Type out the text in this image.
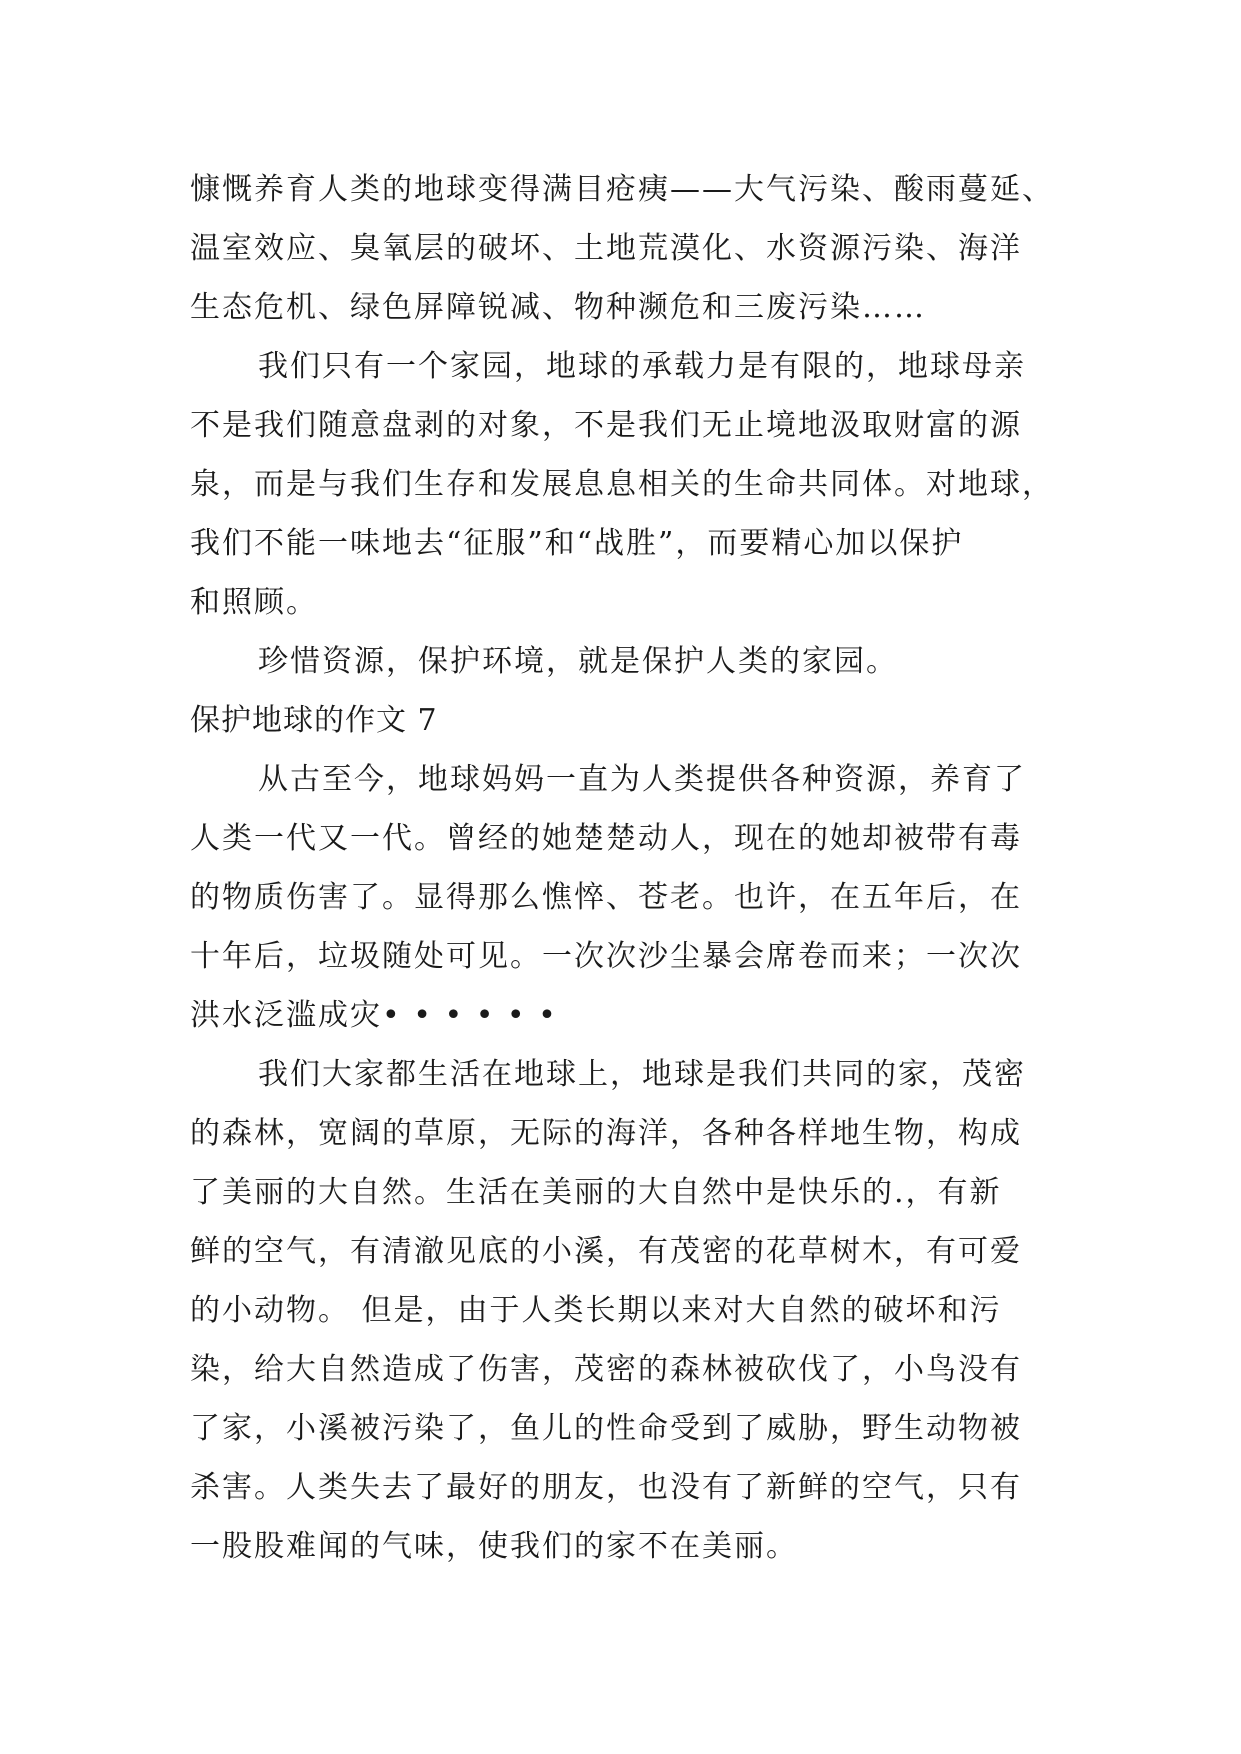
慷慨养育人类的地球变得满目疮痍——大气污染、酸雨蔓延、
温室效应、臭氧层的破坏、土地荒漠化、水资源污染、海洋
生态危机、绿色屏障锐减、物种濒危和三废污染……
我们只有一个家园，地球的承载力是有限的，地球母亲
不是我们随意盘剥的对象，不是我们无止境地汲取财富的源
泉，而是与我们生存和发展息息相关的生命共同体。对地球，
我们不能一味地去“征服”和“战胜”，而要精心加以保护
和照顾。
珍惜资源，保护环境，就是保护人类的家园。
保护地球的作文 7
从古至今，地球妈妈一直为人类提供各种资源，养育了
人类一代又一代。曾经的她楚楚动人，现在的她却被带有毒
的物质伤害了。显得那么憔悴、苍老。也许，在五年后，在
十年后，垃圾随处可见。一次次沙尘暴会席卷而来；一次次
洪水泛滥成灾• • • • • •
我们大家都生活在地球上，地球是我们共同的家，茂密
的森林，宽阔的草原，无际的海洋，各种各样地生物，构成
了美丽的大自然。生活在美丽的大自然中是快乐的.，有新
鲜的空气，有清澈见底的小溪，有茂密的花草树木，有可爱
的小动物。 但是，由于人类长期以来对大自然的破坏和污
染，给大自然造成了伤害，茂密的森林被砍伐了，小鸟没有
了家，小溪被污染了，鱼儿的性命受到了威胁，野生动物被
杀害。人类失去了最好的朋友，也没有了新鲜的空气，只有
一股股难闻的气味，使我们的家不在美丽。
